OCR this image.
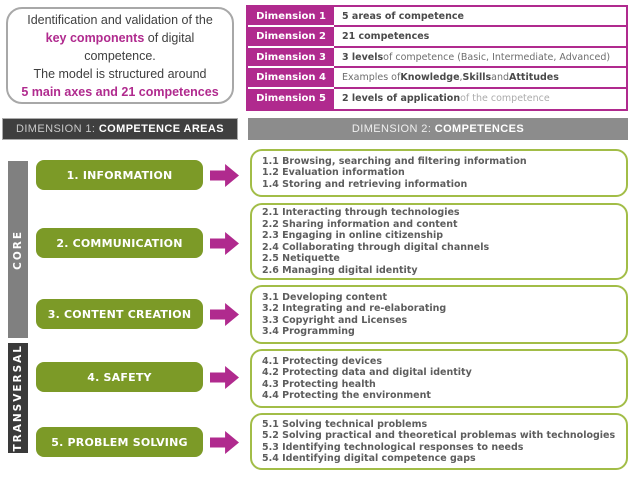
Identification and validation of the
key components of digital
competence.
The model is structured around
5 main axes and 21 competences
Dimension 1	5 areas of competence
Dimension 2	21 competences
Dimension 3	3 levels of competence (Basic, Intermediate, Advanced)
Dimension 4	Examples of Knowledge , Skills and Attitudes
Dimension 5	2 levels of application of the competence
DIMENSION 1: COMPETENCE AREAS	DIMENSION 2: COMPETENCES
CORE
TRANSVERSAL
1. INFORMATION
1.1 Browsing, searching and filtering information
1.2 Evaluation information
1.4 Storing and retrieving information
2. COMMUNICATION
2.1 Interacting through technologies
2.2 Sharing information and content
2.3 Engaging in online citizenship
2.4 Collaborating through digital channels
2.5 Netiquette
2.6 Managing digital identity
3. CONTENT CREATION
3.1 Developing content
3.2 Integrating and re-elaborating
3.3 Copyright and Licenses
3.4 Programming
4. SAFETY
4.1 Protecting devices
4.2 Protecting data and digital identity
4.3 Protecting health
4.4 Protecting the environment
5. PROBLEM SOLVING
5.1 Solving technical problems
5.2 Solving practical and theoretical problemas with technologies
5.3 Identifying technological responses to needs
5.4 Identifying digital competence gaps
